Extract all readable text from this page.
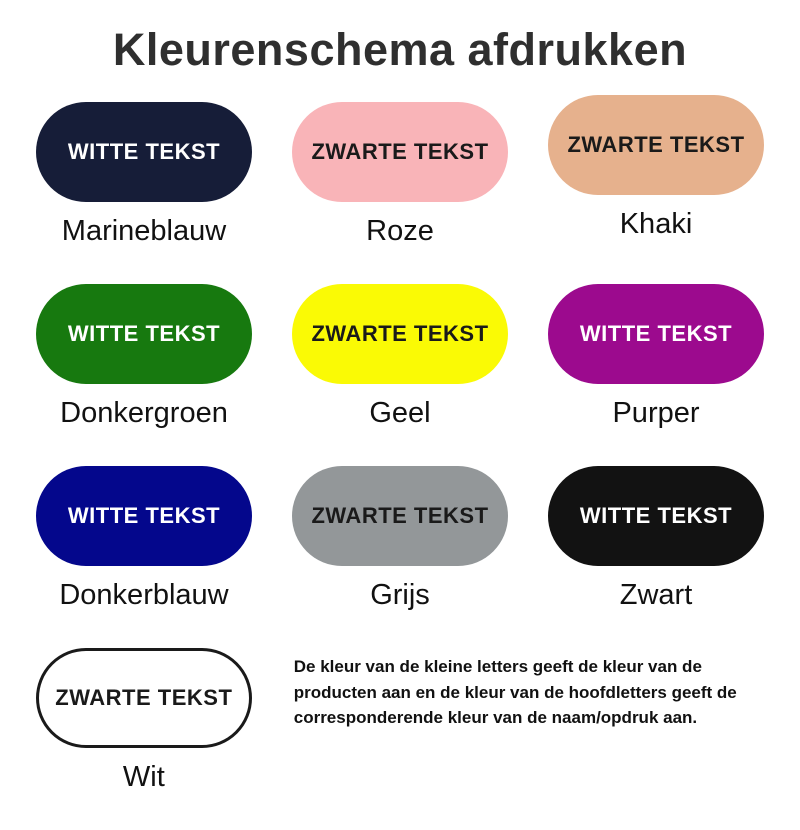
Kleurenschema afdrukken
WITTE TEKST
Marineblauw
ZWARTE TEKST
Roze
ZWARTE TEKST
Khaki
WITTE TEKST
Donkergroen
ZWARTE TEKST
Geel
WITTE TEKST
Purper
WITTE TEKST
Donkerblauw
ZWARTE TEKST
Grijs
WITTE TEKST
Zwart
ZWARTE TEKST
Wit

De kleur van de kleine letters geeft de kleur van de producten aan en de kleur van de hoofdletters geeft de corresponderende kleur van de naam/opdruk aan.
